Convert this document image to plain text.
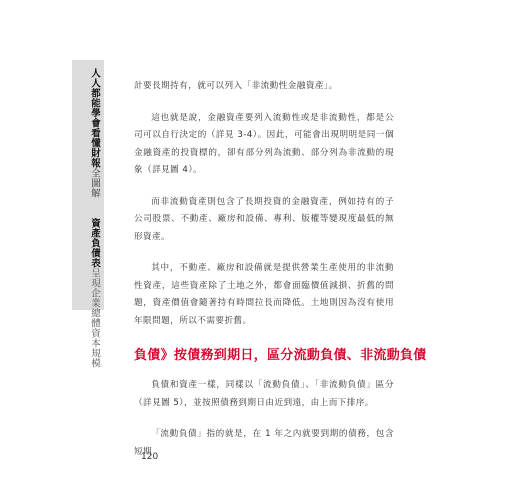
人人都能學會看懂財報全圖解　　資產負債表呈現企業總體資本規模

計要長期持有，就可以列入「非流動性金融資產」。

這也就是說，金融資產要列入流動性或是非流動性，都是公司可以自行決定的（詳見 3-4）。因此，可能會出現明明是同一個金融資產的投資標的，卻有部分列為流動、部分列為非流動的現象（詳見圖 4）。

而非流動資產則包含了長期投資的金融資產，例如持有的子公司股票、不動產、廠房和設備、專利、版權等變現度最低的無形資產。

其中，不動產、廠房和設備就是提供營業生產使用的非流動性資產，這些資產除了土地之外，都會面臨價值減損、折舊的問題，資產價值會隨著持有時間拉長而降低。土地則因為沒有使用年限問題，所以不需要折舊。

負債》按債務到期日，區分流動負債、非流動負債

負債和資產一樣，同樣以「流動負債」、「非流動負債」區分（詳見圖 5），並按照債務到期日由近到遠，由上而下排序。

「流動負債」指的就是，在 1 年之內就要到期的債務，包含短期

120
